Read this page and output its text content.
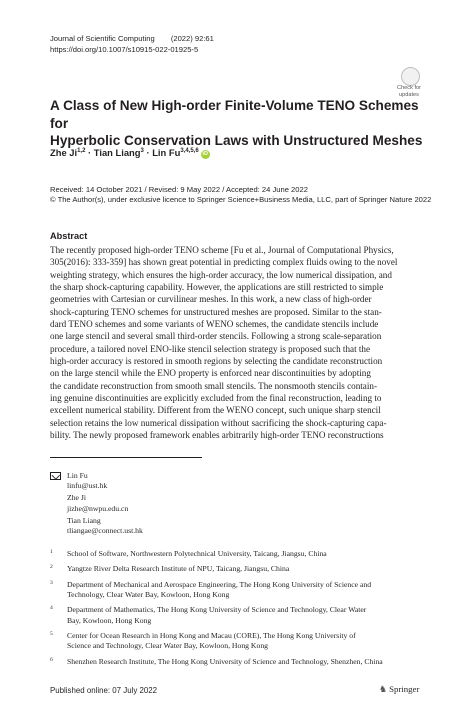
Journal of Scientific Computing (2022) 92:61
https://doi.org/10.1007/s10915-022-01925-5
Check for
updates
A Class of New High-order Finite-Volume TENO Schemes for
Hyperbolic Conservation Laws with Unstructured Meshes
Zhe Ji$^{1,2}$ · Tian Liang$^3$ · Lin Fu$^{3,4,5,6}$iD
Received: 14 October 2021 / Revised: 9 May 2022 / Accepted: 24 June 2022
© The Author(s), under exclusive licence to Springer Science+Business Media, LLC, part of Springer Nature 2022
Abstract
The recently proposed high-order TENO scheme [Fu et al., Journal of Computational Physics,
305(2016): 333-359] has shown great potential in predicting complex fluids owing to the novel
weighting strategy, which ensures the high-order accuracy, the low numerical dissipation, and
the sharp shock-capturing capability. However, the applications are still restricted to simple
geometries with Cartesian or curvilinear meshes. In this work, a new class of high-order
shock-capturing TENO schemes for unstructured meshes are proposed. Similar to the stan-
dard TENO schemes and some variants of WENO schemes, the candidate stencils include
one large stencil and several small third-order stencils. Following a strong scale-separation
procedure, a tailored novel ENO-like stencil selection strategy is proposed such that the
high-order accuracy is restored in smooth regions by selecting the candidate reconstruction
on the large stencil while the ENO property is enforced near discontinuities by adopting
the candidate reconstruction from smooth small stencils. The nonsmooth stencils contain-
ing genuine discontinuities are explicitly excluded from the final reconstruction, leading to
excellent numerical stability. Different from the WENO concept, such unique sharp stencil
selection retains the low numerical dissipation without sacrificing the shock-capturing capa-
bility. The newly proposed framework enables arbitrarily high-order TENO reconstructions
Lin Fu
linfu@ust.hk
Zhe Ji
jizhe@nwpu.edu.cn
Tian Liang
tliangae@connect.ust.hk
1 School of Software, Northwestern Polytechnical University, Taicang, Jiangsu, China
2 Yangtze River Delta Research Institute of NPU, Taicang, Jiangsu, China
3 Department of Mechanical and Aerospace Engineering, The Hong Kong University of Science and
Technology, Clear Water Bay, Kowloon, Hong Kong
4 Department of Mathematics, The Hong Kong University of Science and Technology, Clear Water
Bay, Kowloon, Hong Kong
5 Center for Ocean Research in Hong Kong and Macau (CORE), The Hong Kong University of
Science and Technology, Clear Water Bay, Kowloon, Hong Kong
6 Shenzhen Research Institute, The Hong Kong University of Science and Technology, Shenzhen, China
Published online: 07 July 2022	♞ Springer
